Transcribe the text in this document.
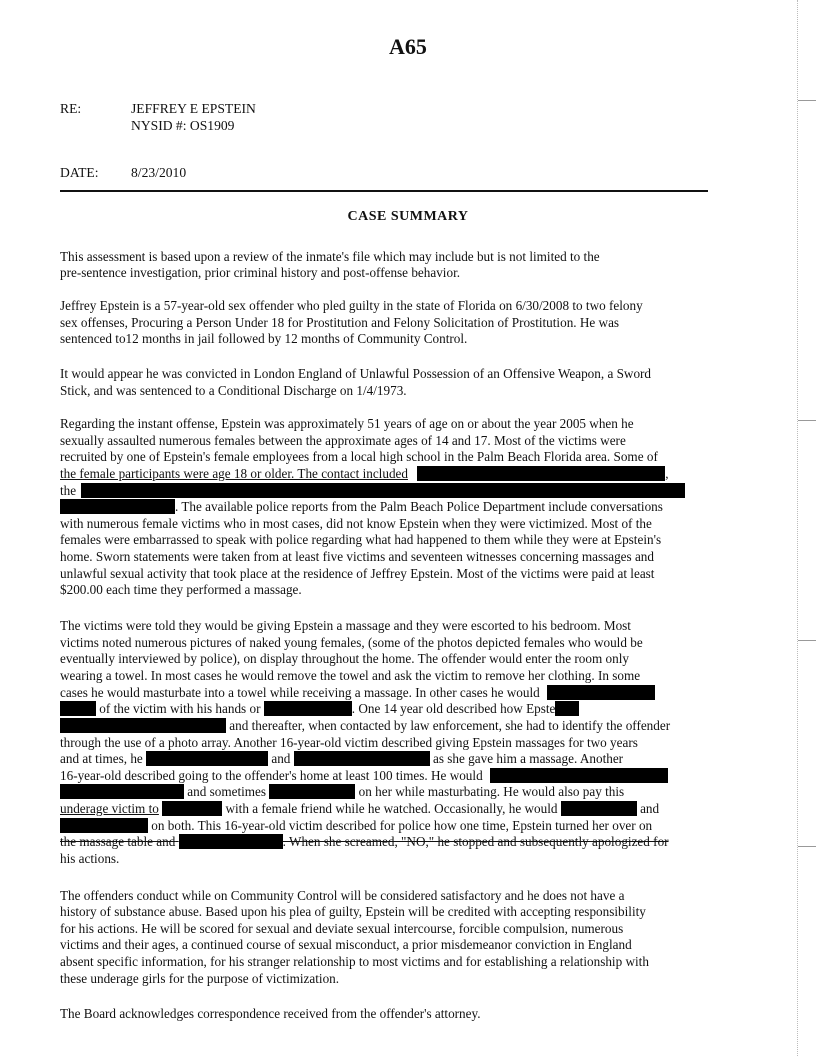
A65
RE:	JEFFREY E EPSTEIN
NYSID #: OS1909
DATE: 8/23/2010
CASE SUMMARY
This assessment is based upon a review of the inmate's file which may include but is not limited to the
pre-sentence investigation, prior criminal history and post-offense behavior.
Jeffrey Epstein is a 57-year-old sex offender who pled guilty in the state of Florida on 6/30/2008 to two felony
sex offenses, Procuring a Person Under 18 for Prostitution and Felony Solicitation of Prostitution. He was
sentenced to12 months in jail followed by 12 months of Community Control.
It would appear he was convicted in London England of Unlawful Possession of an Offensive Weapon, a Sword
Stick, and was sentenced to a Conditional Discharge on 1/4/1973.
Regarding the instant offense, Epstein was approximately 51 years of age on or about the year 2005 when he
sexually assaulted numerous females between the approximate ages of 14 and 17. Most of the victims were
recruited by one of Epstein's female employees from a local high school in the Palm Beach Florida area. Some of
the female participants were age 18 or older. The contact included	,
the
. The available police reports from the Palm Beach Police Department include conversations
with numerous female victims who in most cases, did not know Epstein when they were victimized. Most of the
females were embarrassed to speak with police regarding what had happened to them while they were at Epstein's
home. Sworn statements were taken from at least five victims and seventeen witnesses concerning massages and
unlawful sexual activity that took place at the residence of Jeffrey Epstein. Most of the victims were paid at least
$200.00 each time they performed a massage.
The victims were told they would be giving Epstein a massage and they were escorted to his bedroom. Most
victims noted numerous pictures of naked young females, (some of the photos depicted females who would be
eventually interviewed by police), on display throughout the home. The offender would enter the room only
wearing a towel. In most cases he would remove the towel and ask the victim to remove her clothing. In some
cases he would masturbate into a towel while receiving a massage. In other cases he would
of the victim with his hands or	. One 14 year old described how Epste
and thereafter, when contacted by law enforcement, she had to identify the offender
through the use of a photo array. Another 16-year-old victim described giving Epstein massages for two years
and at times, he	and	as she gave him a massage. Another
16-year-old described going to the offender's home at least 100 times. He would
and sometimes	on her while masturbating. He would also pay this
underage victim to	with a female friend while he watched. Occasionally, he would	and
on both. This 16-year-old victim described for police how one time, Epstein turned her over on
the massage table and	. When she screamed, "NO," he stopped and subsequently apologized for
his actions.
The offenders conduct while on Community Control will be considered satisfactory and he does not have a
history of substance abuse. Based upon his plea of guilty, Epstein will be credited with accepting responsibility
for his actions. He will be scored for sexual and deviate sexual intercourse, forcible compulsion, numerous
victims and their ages, a continued course of sexual misconduct, a prior misdemeanor conviction in England
absent specific information, for his stranger relationship to most victims and for establishing a relationship with
these underage girls for the purpose of victimization.
The Board acknowledges correspondence received from the offender's attorney.
